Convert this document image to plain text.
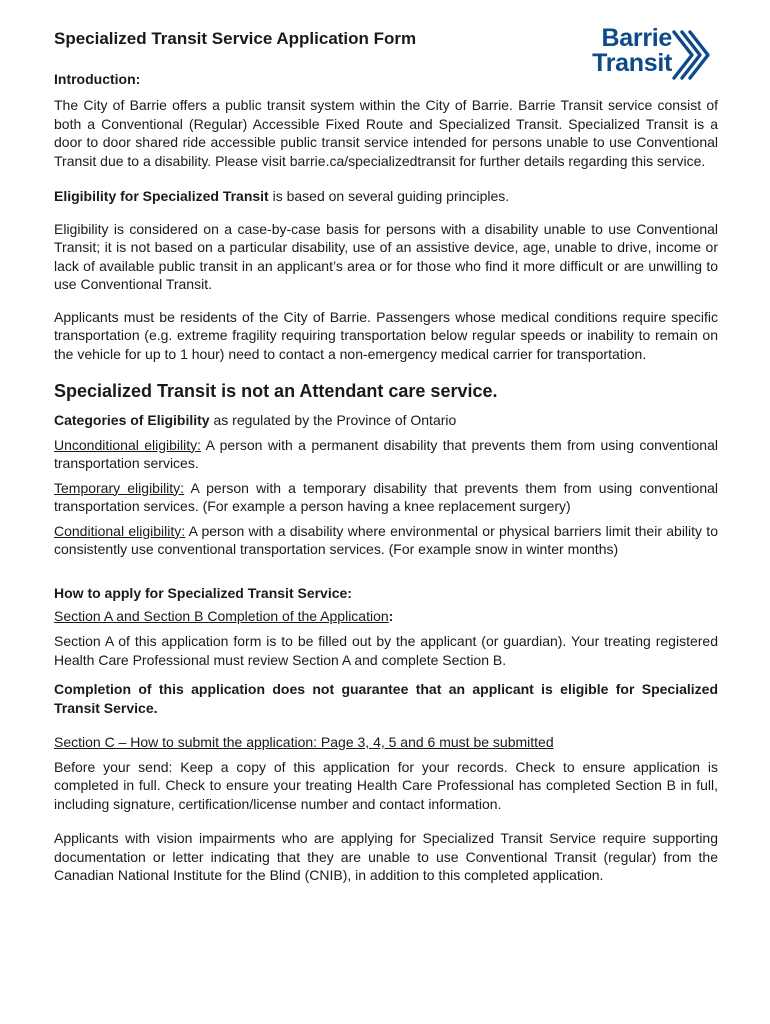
Barrie
Transit
Specialized Transit Service Application Form
Introduction:

The City of Barrie offers a public transit system within the City of Barrie. Barrie Transit service consist of both a Conventional (Regular) Accessible Fixed Route and Specialized Transit. Specialized Transit is a door to door shared ride accessible public transit service intended for persons unable to use Conventional Transit due to a disability. Please visit barrie.ca/specializedtransit for further details regarding this service.

Eligibility for Specialized Transit is based on several guiding principles.

Eligibility is considered on a case-by-case basis for persons with a disability unable to use Conventional Transit; it is not based on a particular disability, use of an assistive device, age, unable to drive, income or lack of available public transit in an applicant’s area or for those who find it more difficult or are unwilling to use Conventional Transit.

Applicants must be residents of the City of Barrie. Passengers whose medical conditions require specific transportation (e.g. extreme fragility requiring transportation below regular speeds or inability to remain on the vehicle for up to 1 hour) need to contact a non-emergency medical carrier for transportation.

Specialized Transit is not an Attendant care service.

Categories of Eligibility as regulated by the Province of Ontario

Unconditional eligibility: A person with a permanent disability that prevents them from using conventional transportation services.

Temporary eligibility: A person with a temporary disability that prevents them from using conventional transportation services. (For example a person having a knee replacement surgery)

Conditional eligibility: A person with a disability where environmental or physical barriers limit their ability to consistently use conventional transportation services. (For example snow in winter months)

How to apply for Specialized Transit Service:

Section A and Section B Completion of the Application:

Section A of this application form is to be filled out by the applicant (or guardian). Your treating registered Health Care Professional must review Section A and complete Section B.

Completion of this application does not guarantee that an applicant is eligible for Specialized Transit Service.

Section C – How to submit the application: Page 3, 4, 5 and 6 must be submitted

Before your send: Keep a copy of this application for your records. Check to ensure application is completed in full. Check to ensure your treating Health Care Professional has completed Section B in full, including signature, certification/license number and contact information.

Applicants with vision impairments who are applying for Specialized Transit Service require supporting documentation or letter indicating that they are unable to use Conventional Transit (regular) from the Canadian National Institute for the Blind (CNIB), in addition to this completed application.
